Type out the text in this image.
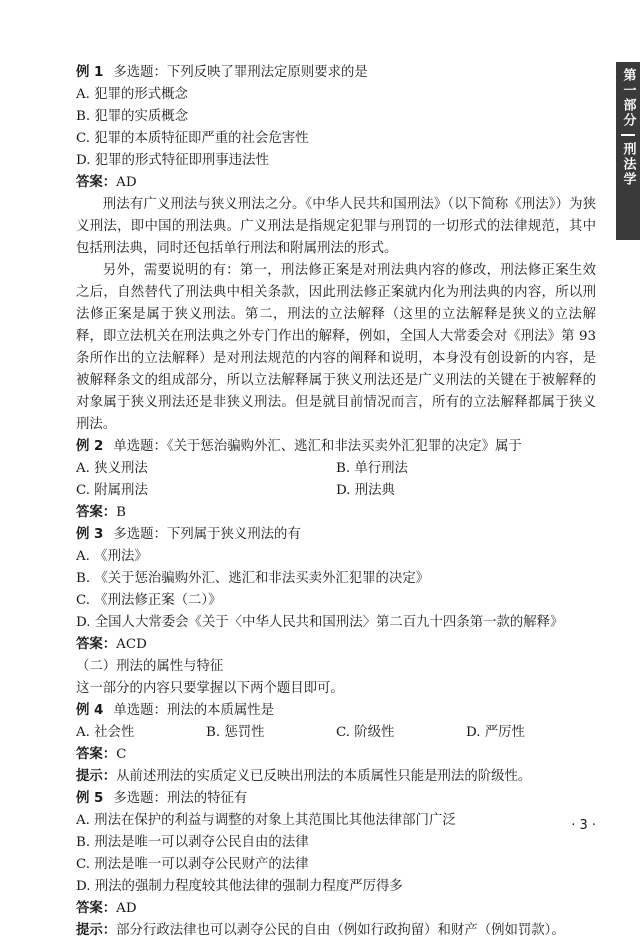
第一部分
刑法学
例 1 多选题：下列反映了罪刑法定原则要求的是
A. 犯罪的形式概念
B. 犯罪的实质概念
C. 犯罪的本质特征即严重的社会危害性
D. 犯罪的形式特征即刑事违法性
答案：AD

刑法有广义刑法与狭义刑法之分。《中华人民共和国刑法》（以下简称《刑法》）为狭义刑法，即中国的刑法典。广义刑法是指规定犯罪与刑罚的一切形式的法律规范，其中包括刑法典，同时还包括单行刑法和附属刑法的形式。

另外，需要说明的有：第一，刑法修正案是对刑法典内容的修改，刑法修正案生效之后，自然替代了刑法典中相关条款，因此刑法修正案就内化为刑法典的内容，所以刑法修正案是属于狭义刑法。第二，刑法的立法解释（这里的立法解释是狭义的立法解释，即立法机关在刑法典之外专门作出的解释，例如，全国人大常委会对《刑法》第 93 条所作出的立法解释）是对刑法规范的内容的阐释和说明，本身没有创设新的内容，是被解释条文的组成部分，所以立法解释属于狭义刑法还是广义刑法的关键在于被解释的对象属于狭义刑法还是非狭义刑法。但是就目前情况而言，所有的立法解释都属于狭义刑法。

例 2 单选题：《关于惩治骗购外汇、逃汇和非法买卖外汇犯罪的决定》属于
A. 狭义刑法	B. 单行刑法
C. 附属刑法	D. 刑法典
答案：B
例 3 多选题：下列属于狭义刑法的有
A. 《刑法》
B. 《关于惩治骗购外汇、逃汇和非法买卖外汇犯罪的决定》
C. 《刑法修正案（二）》
D. 全国人大常委会《关于〈中华人民共和国刑法〉第二百九十四条第一款的解释》
答案：ACD
（二）刑法的属性与特征
这一部分的内容只要掌握以下两个题目即可。
例 4 单选题：刑法的本质属性是
A. 社会性	B. 惩罚性	C. 阶级性	D. 严厉性
答案：C
提示：从前述刑法的实质定义已反映出刑法的本质属性只能是刑法的阶级性。
例 5 多选题：刑法的特征有
A. 刑法在保护的利益与调整的对象上其范围比其他法律部门广泛
B. 刑法是唯一可以剥夺公民自由的法律
C. 刑法是唯一可以剥夺公民财产的法律
D. 刑法的强制力程度较其他法律的强制力程度严厉得多
答案：AD
提示：部分行政法律也可以剥夺公民的自由（例如行政拘留）和财产（例如罚款）。
· 3 ·
